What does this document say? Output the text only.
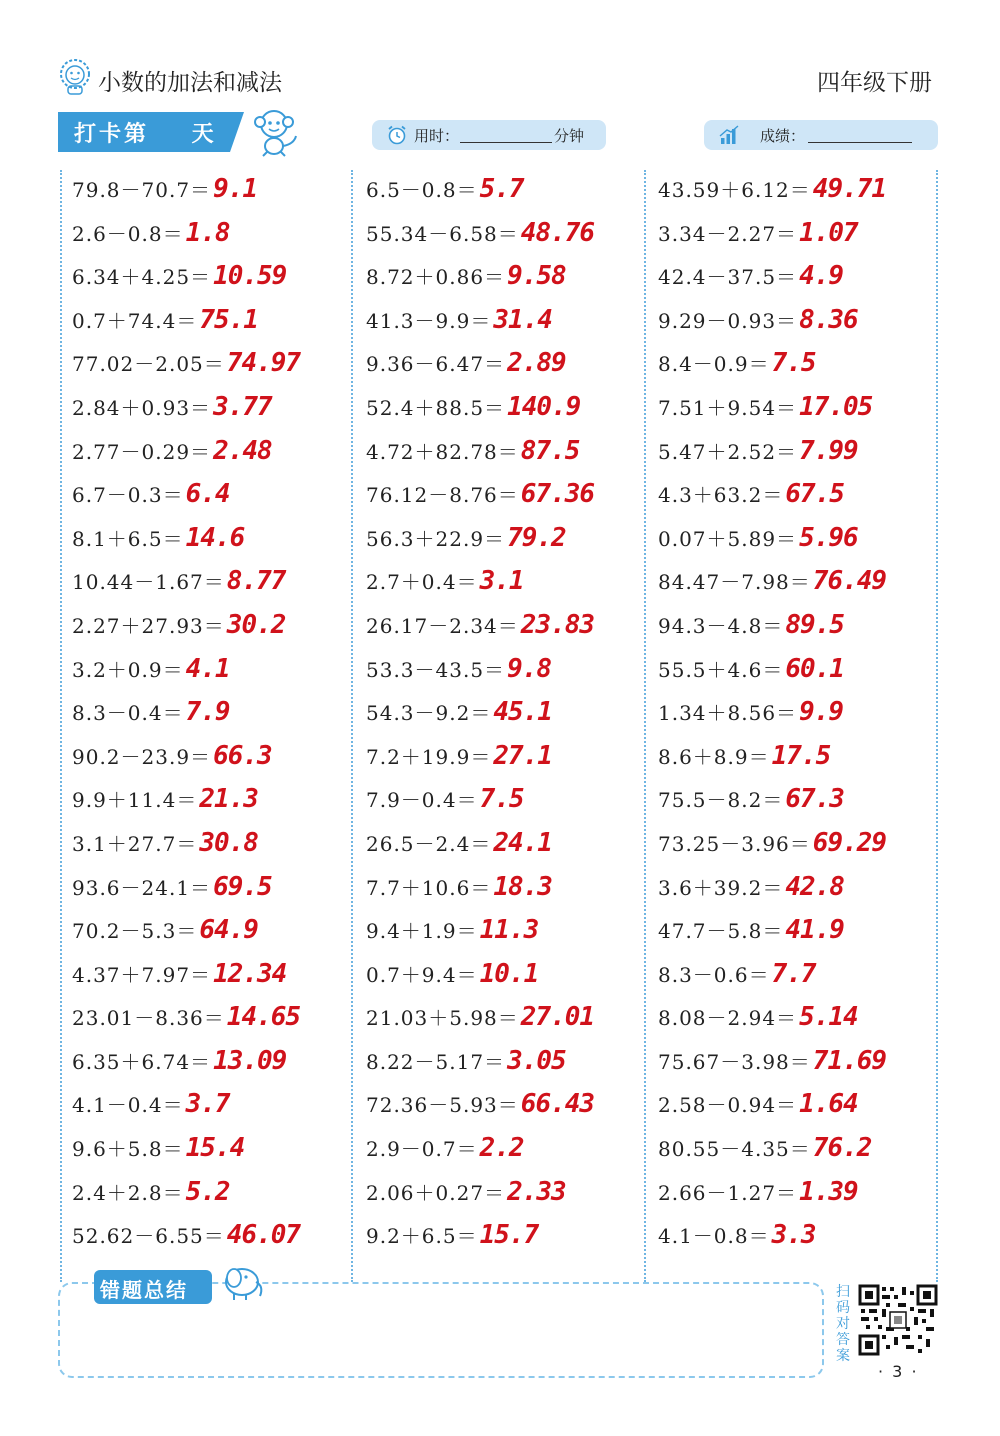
小数的加法和减法	四年级下册
打卡第    天	用时：	分钟	成绩：
79.8－70.7＝9.1
2.6－0.8＝1.8
6.34＋4.25＝10.59
0.7＋74.4＝75.1
77.02－2.05＝74.97
2.84＋0.93＝3.77
2.77－0.29＝2.48
6.7－0.3＝6.4
8.1＋6.5＝14.6
10.44－1.67＝8.77
2.27＋27.93＝30.2
3.2＋0.9＝4.1
8.3－0.4＝7.9
90.2－23.9＝66.3
9.9＋11.4＝21.3
3.1＋27.7＝30.8
93.6－24.1＝69.5
70.2－5.3＝64.9
4.37＋7.97＝12.34
23.01－8.36＝14.65
6.35＋6.74＝13.09
4.1－0.4＝3.7
9.6＋5.8＝15.4
2.4＋2.8＝5.2
52.62－6.55＝46.07
6.5－0.8＝5.7
55.34－6.58＝48.76
8.72＋0.86＝9.58
41.3－9.9＝31.4
9.36－6.47＝2.89
52.4＋88.5＝140.9
4.72＋82.78＝87.5
76.12－8.76＝67.36
56.3＋22.9＝79.2
2.7＋0.4＝3.1
26.17－2.34＝23.83
53.3－43.5＝9.8
54.3－9.2＝45.1
7.2＋19.9＝27.1
7.9－0.4＝7.5
26.5－2.4＝24.1
7.7＋10.6＝18.3
9.4＋1.9＝11.3
0.7＋9.4＝10.1
21.03＋5.98＝27.01
8.22－5.17＝3.05
72.36－5.93＝66.43
2.9－0.7＝2.2
2.06＋0.27＝2.33
9.2＋6.5＝15.7
43.59＋6.12＝49.71
3.34－2.27＝1.07
42.4－37.5＝4.9
9.29－0.93＝8.36
8.4－0.9＝7.5
7.51＋9.54＝17.05
5.47＋2.52＝7.99
4.3＋63.2＝67.5
0.07＋5.89＝5.96
84.47－7.98＝76.49
94.3－4.8＝89.5
55.5＋4.6＝60.1
1.34＋8.56＝9.9
8.6＋8.9＝17.5
75.5－8.2＝67.3
73.25－3.96＝69.29
3.6＋39.2＝42.8
47.7－5.8＝41.9
8.3－0.6＝7.7
8.08－2.94＝5.14
75.67－3.98＝71.69
2.58－0.94＝1.64
80.55－4.35＝76.2
2.66－1.27＝1.39
4.1－0.8＝3.3
错题总结	扫码对答案
· 3 ·
